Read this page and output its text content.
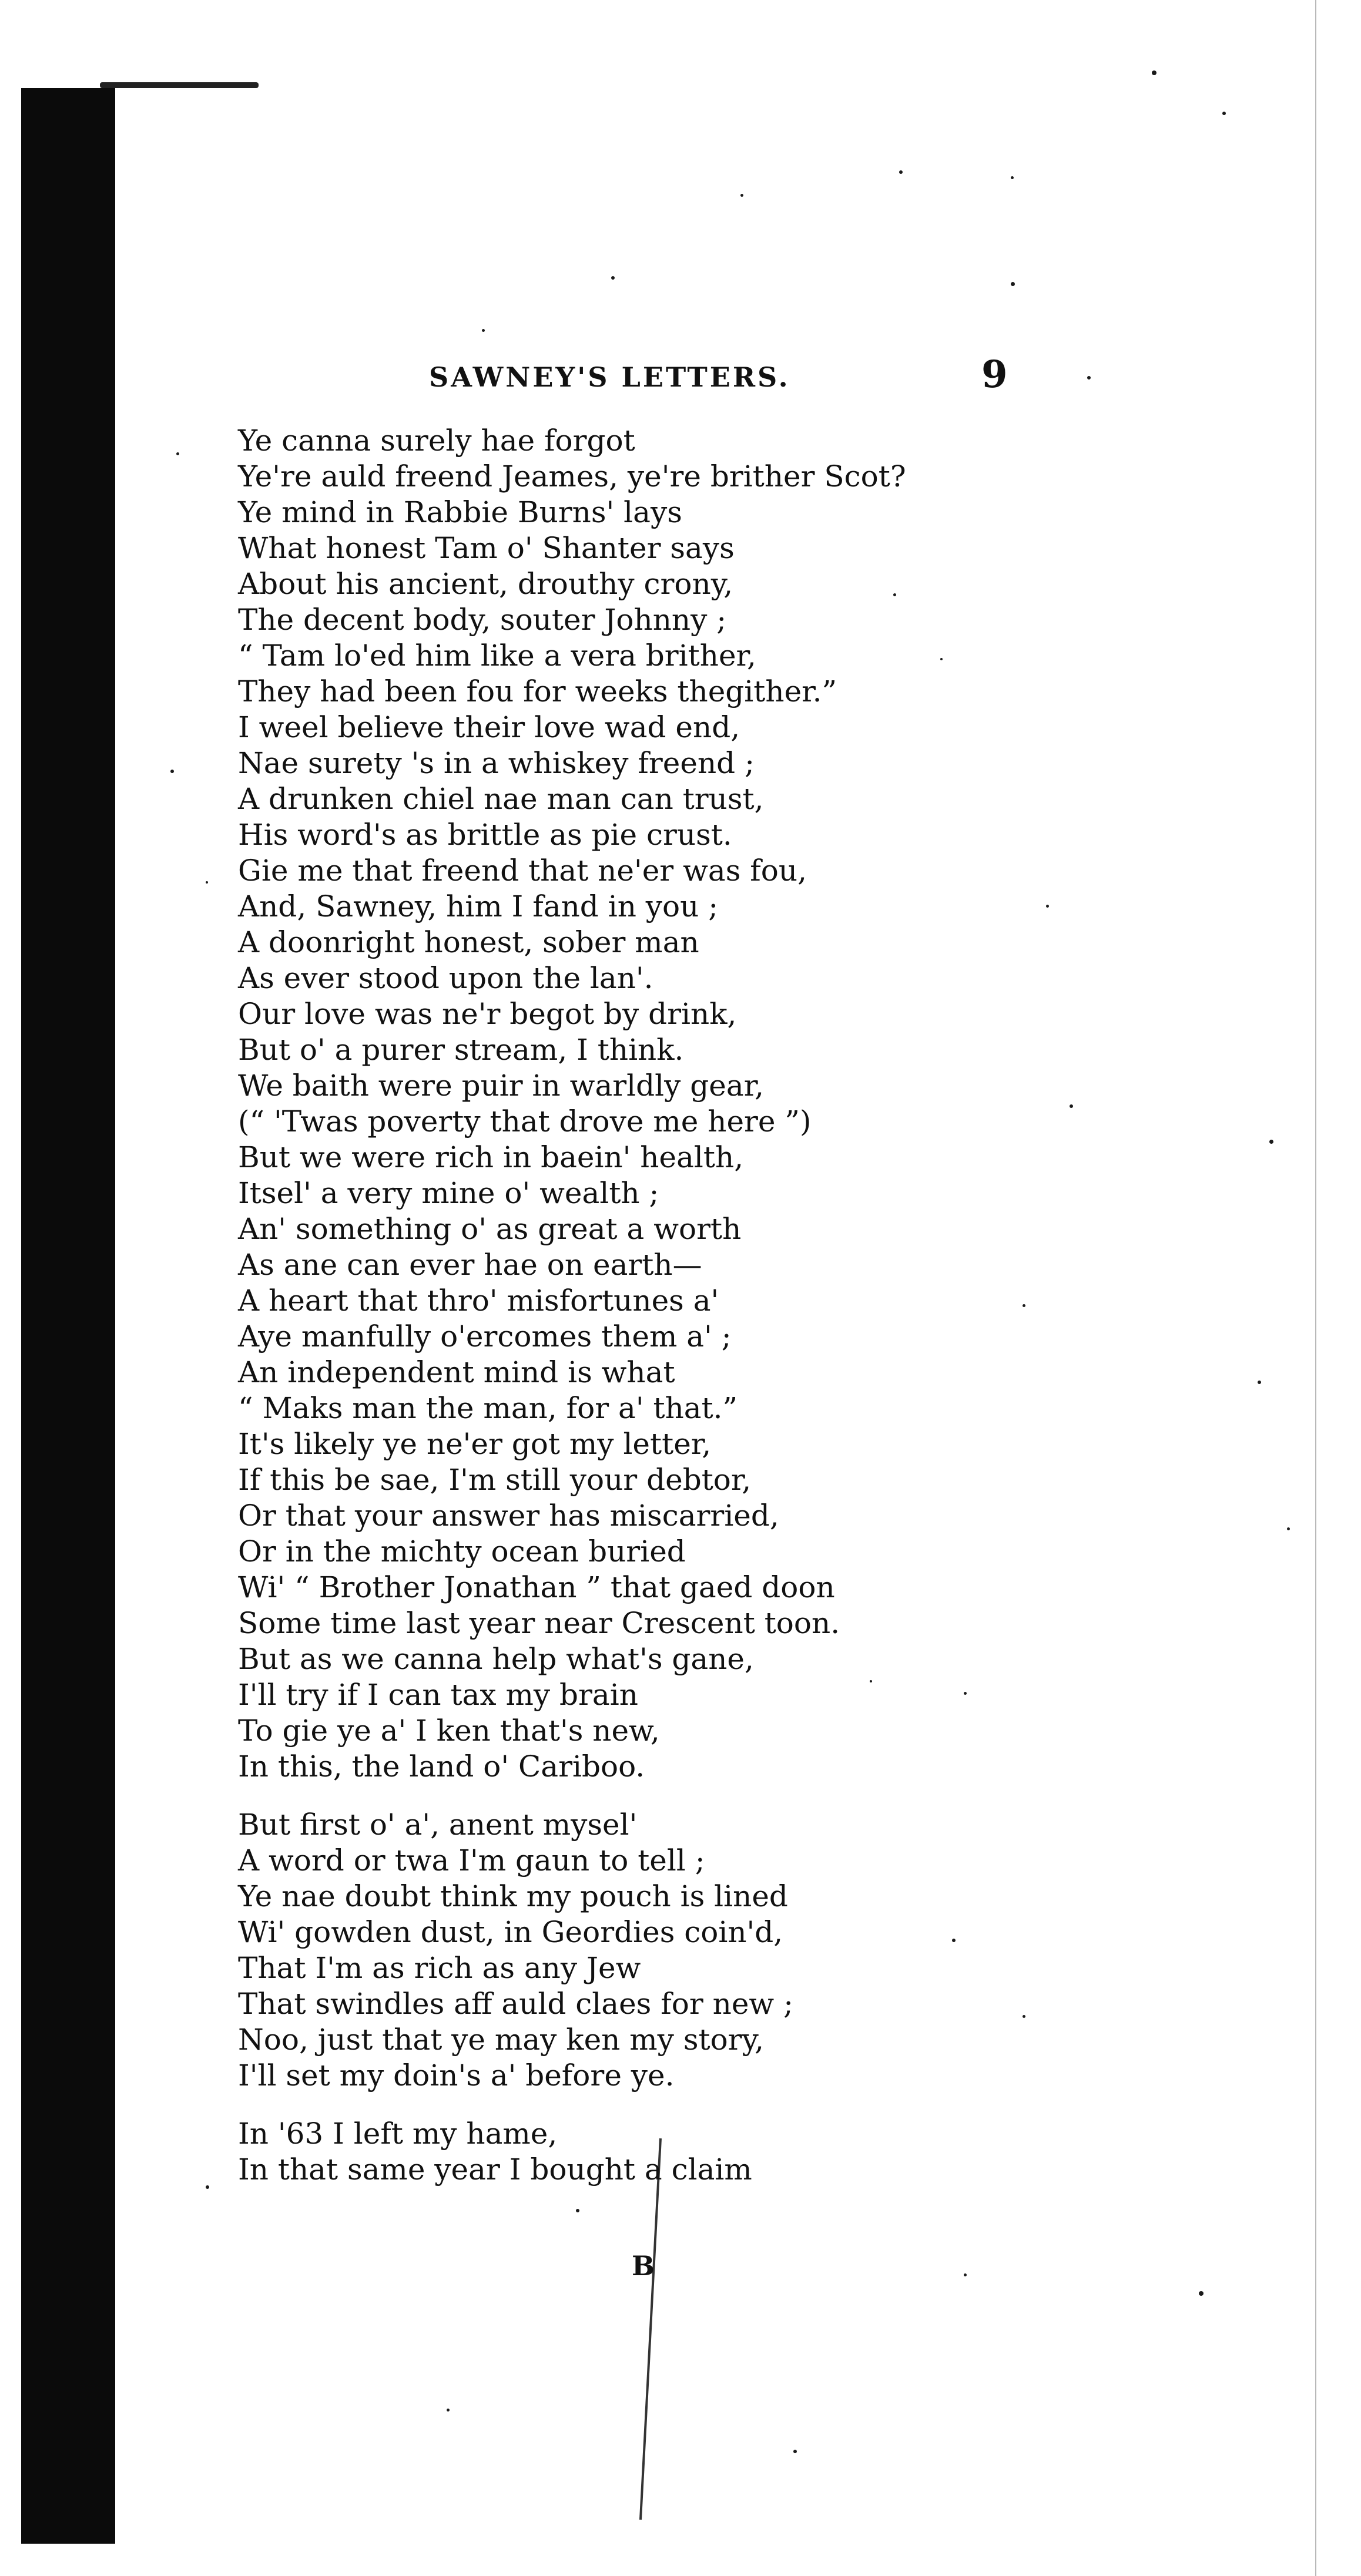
SAWNEY'S LETTERS.	9
Ye canna surely hae forgot
Ye're auld freend Jeames, ye're brither Scot?
Ye mind in Rabbie Burns' lays
What honest Tam o' Shanter says
About his ancient, drouthy crony,
The decent body, souter Johnny ;
“ Tam lo'ed him like a vera brither,
They had been fou for weeks thegither.”
I weel believe their love wad end,
Nae surety 's in a whiskey freend ;
A drunken chiel nae man can trust,
His word's as brittle as pie crust.
Gie me that freend that ne'er was fou,
And, Sawney, him I fand in you ;
A doonright honest, sober man
As ever stood upon the lan'.
Our love was ne'r begot by drink,
But o' a purer stream, I think.
We baith were puir in warldly gear,
(“ 'Twas poverty that drove me here ”)
But we were rich in baein' health,
Itsel' a very mine o' wealth ;
An' something o' as great a worth
As ane can ever hae on earth—
A heart that thro' misfortunes a'
Aye manfully o'ercomes them a' ;
An independent mind is what
“ Maks man the man, for a' that.”
It's likely ye ne'er got my letter,
If this be sae, I'm still your debtor,
Or that your answer has miscarried,
Or in the michty ocean buried
Wi' “ Brother Jonathan ” that gaed doon
Some time last year near Crescent toon.
But as we canna help what's gane,
I'll try if I can tax my brain
To gie ye a' I ken that's new,
In this, the land o' Cariboo.
But first o' a', anent mysel'
A word or twa I'm gaun to tell ;
Ye nae doubt think my pouch is lined
Wi' gowden dust, in Geordies coin'd,
That I'm as rich as any Jew
That swindles aff auld claes for new ;
Noo, just that ye may ken my story,
I'll set my doin's a' before ye.
In '63 I left my hame,
In that same year I bought a claim
B
